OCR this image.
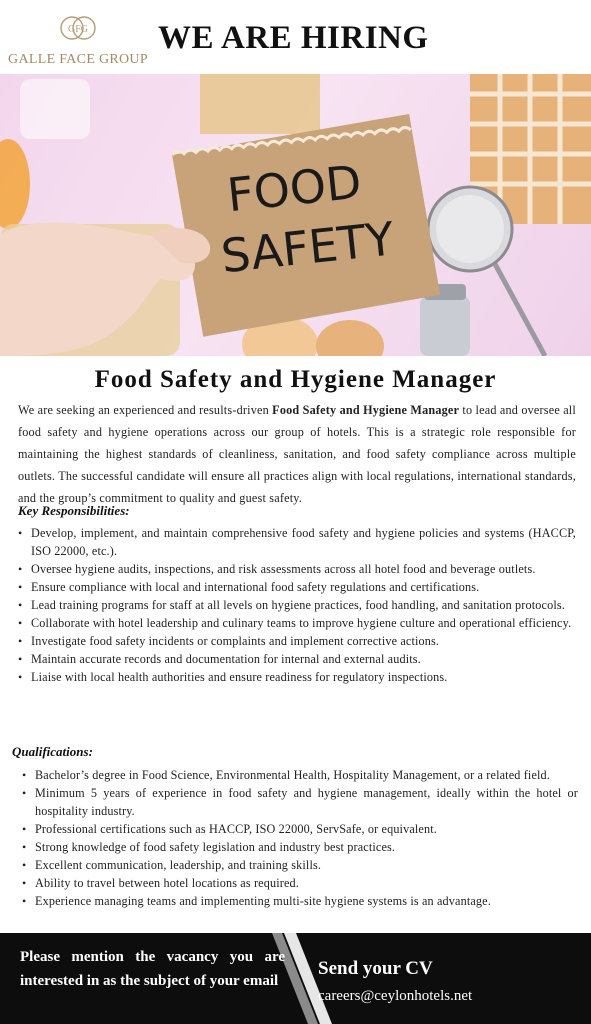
GFG
GALLE FACE GROUP
WE ARE HIRING
FOOD
SAFETY
Food Safety and Hygiene Manager

We are seeking an experienced and results-driven Food Safety and Hygiene Manager to lead and oversee all food safety and hygiene operations across our group of hotels. This is a strategic role responsible for maintaining the highest standards of cleanliness, sanitation, and food safety compliance across multiple outlets. The successful candidate will ensure all practices align with local regulations, international standards, and the group’s commitment to quality and guest safety.

Key Responsibilities:
• Develop, implement, and maintain comprehensive food safety and hygiene policies and systems (HACCP, ISO 22000, etc.).
• Oversee hygiene audits, inspections, and risk assessments across all hotel food and beverage outlets.
• Ensure compliance with local and international food safety regulations and certifications.
• Lead training programs for staff at all levels on hygiene practices, food handling, and sanitation protocols.
• Collaborate with hotel leadership and culinary teams to improve hygiene culture and operational efficiency.
• Investigate food safety incidents or complaints and implement corrective actions.
• Maintain accurate records and documentation for internal and external audits.
• Liaise with local health authorities and ensure readiness for regulatory inspections.
Qualifications:
• Bachelor’s degree in Food Science, Environmental Health, Hospitality Management, or a related field.
• Minimum 5 years of experience in food safety and hygiene management, ideally within the hotel or hospitality industry.
• Professional certifications such as HACCP, ISO 22000, ServSafe, or equivalent.
• Strong knowledge of food safety legislation and industry best practices.
• Excellent communication, leadership, and training skills.
• Ability to travel between hotel locations as required.
• Experience managing teams and implementing multi-site hygiene systems is an advantage.
Please mention the vacancy you are interested in as the subject of your email
Send your CV
careers@ceylonhotels.net
